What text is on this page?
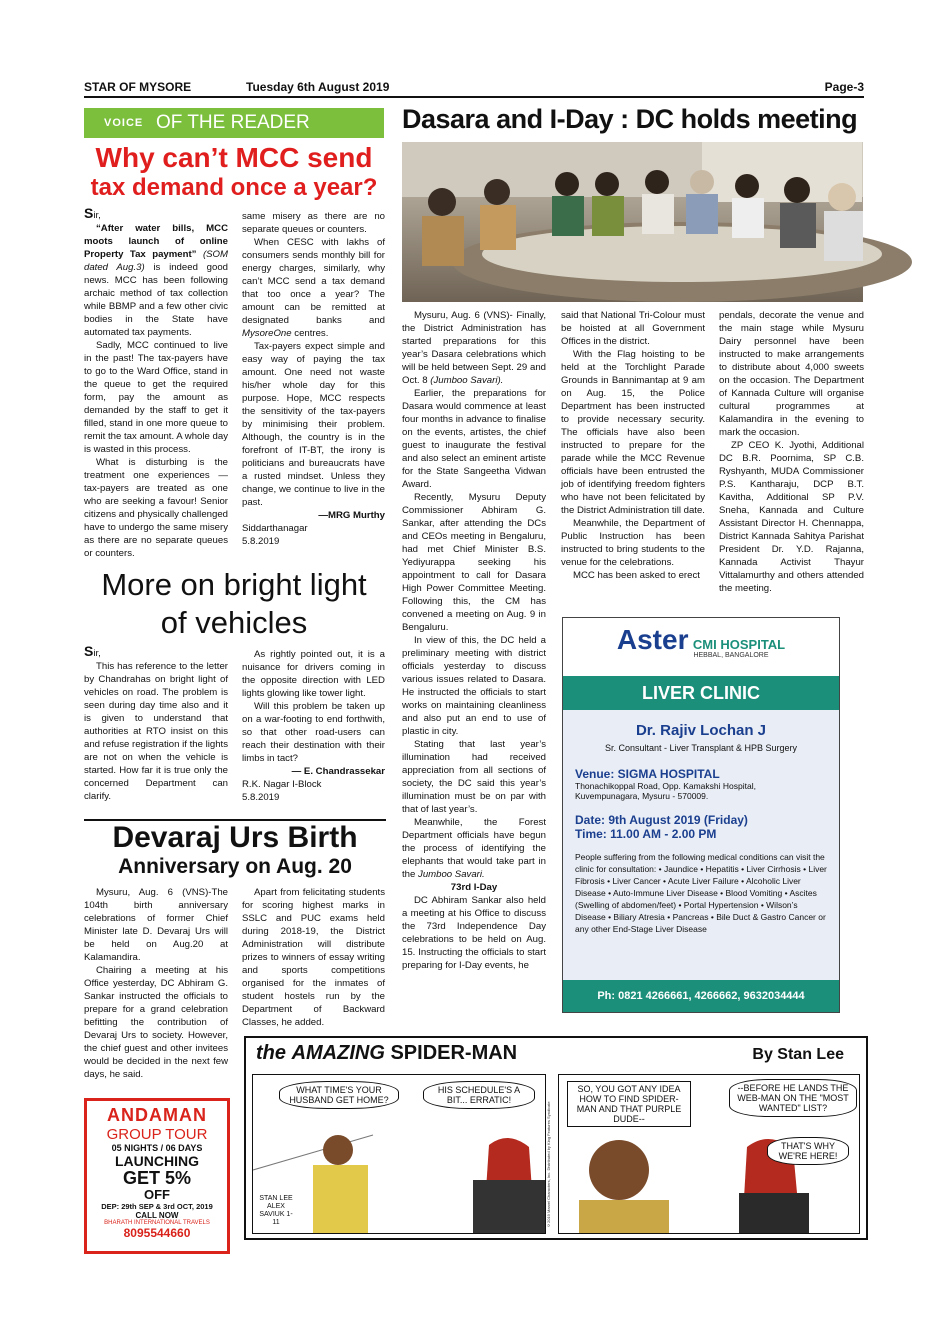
STAR OF MYSORE	Tuesday 6th August 2019	Page-3
VOICE OF THE READER
Why can’t MCC send
tax demand once a year?

Sir,

“After water bills, MCC moots launch of online Property Tax payment” (SOM dated Aug.3) is indeed good news. MCC has been following archaic method of tax collection while BBMP and a few other civic bodies in the State have automated tax payments.

Sadly, MCC continued to live in the past! The tax-payers have to go to the Ward Office, stand in the queue to get the required form, pay the amount as demanded by the staff to get it filled, stand in one more queue to remit the tax amount. A whole day is wasted in this process.

What is disturbing is the treatment one experiences — tax-payers are treated as one who are seeking a favour! Senior citizens and physically challenged have to undergo the same misery as there are no separate queues or counters.

same misery as there are no separate queues or counters.

When CESC with lakhs of consumers sends monthly bill for energy charges, similarly, why can’t MCC send a tax demand that too once a year? The amount can be remitted at designated banks and MysoreOne centres.

Tax-payers expect simple and easy way of paying the tax amount. One need not waste his/her whole day for this purpose. Hope, MCC respects the sensitivity of the tax-payers by minimising their problem. Although, the country is in the forefront of IT-BT, the irony is politicians and bureaucrats have a rusted mindset. Unless they change, we continue to live in the past.

—MRG Murthy

Siddarthanagar

5.8.2019

More on bright light
of vehicles

Sir,

This has reference to the letter by Chandrahas on bright light of vehicles on road. The problem is seen during day time also and it is given to understand that authorities at RTO insist on this and refuse registration if the lights are not on when the vehicle is started. How far it is true only the concerned Department can clarify.

As rightly pointed out, it is a nuisance for drivers coming in the opposite direction with LED lights glowing like tower light.

Will this problem be taken up on a war-footing to end forthwith, so that other road-users can reach their destination with their limbs in tact?

— E. Chandrassekar

R.K. Nagar I-Block

5.8.2019

Devaraj Urs Birth
Anniversary on Aug. 20

Mysuru, Aug. 6 (VNS)-The 104th birth anniversary celebrations of former Chief Minister late D. Devaraj Urs will be held on Aug.20 at Kalamandira.

Chairing a meeting at his Office yesterday, DC Abhiram G. Sankar instructed the officials to prepare for a grand celebration befitting the contribution of Devaraj Urs to society. However, the chief guest and other invitees would be decided in the next few days, he said.

Apart from felicitating students for scoring highest marks in SSLC and PUC exams held during 2018-19, the District Administration will distribute prizes to winners of essay writing and sports competitions organised for the inmates of student hostels run by the Department of Backward Classes, he added.

ANDAMAN
GROUP TOUR
05 NIGHTS / 06 DAYS
LAUNCHING
GET 5%
OFF
DEP: 29th SEP & 3rd OCT, 2019
CALL NOW
BHARATH INTERNATIONAL TRAVELS
8095544660
Dasara and I-Day : DC holds meeting

Mysuru, Aug. 6 (VNS)- Finally, the District Administration has started preparations for this year’s Dasara celebrations which will be held between Sept. 29 and Oct. 8 (Jumboo Savari).

Earlier, the preparations for Dasara would commence at least four months in advance to finalise on the events, artistes, the chief guest to inaugurate the festival and also select an eminent artiste for the State Sangeetha Vidwan Award.

Recently, Mysuru Deputy Commissioner Abhiram G. Sankar, after attending the DCs and CEOs meeting in Bengaluru, had met Chief Minister B.S. Yediyurappa seeking his appointment to call for Dasara High Power Committee Meeting. Following this, the CM has convened a meeting on Aug. 9 in Bengaluru.

In view of this, the DC held a preliminary meeting with district officials yesterday to discuss various issues related to Dasara. He instructed the officials to start works on maintaining cleanliness and also put an end to use of plastic in city.

Stating that last year’s illumination had received appreciation from all sections of society, the DC said this year’s illumination must be on par with that of last year’s.

Meanwhile, the Forest Department officials have begun the process of identifying the elephants that would take part in the Jumboo Savari.

73rd I-Day

DC Abhiram Sankar also held a meeting at his Office to discuss the 73rd Independence Day celebrations to be held on Aug. 15. Instructing the officials to start preparing for I-Day events, he

said that National Tri-Colour must be hoisted at all Government Offices in the district.

With the Flag hoisting to be held at the Torchlight Parade Grounds in Bannimantap at 9 am on Aug. 15, the Police Department has been instructed to provide necessary security. The officials have also been instructed to prepare for the parade while the MCC Revenue officials have been entrusted the job of identifying freedom fighters who have not been felicitated by the District Administration till date.

Meanwhile, the Department of Public Instruction has been instructed to bring students to the venue for the celebrations.

MCC has been asked to erect

pendals, decorate the venue and the main stage while Mysuru Dairy personnel have been instructed to make arrangements to distribute about 4,000 sweets on the occasion. The Department of Kannada Culture will organise cultural programmes at Kalamandira in the evening to mark the occasion.

ZP CEO K. Jyothi, Additional DC B.R. Poornima, SP C.B. Ryshyanth, MUDA Commissioner P.S. Kantharaju, DCP B.T. Kavitha, Additional SP P.V. Sneha, Kannada and Culture Assistant Director H. Chennappa, District Kannada Sahitya Parishat President Dr. Y.D. Rajanna, Kannada Activist Thayur Vittalamurthy and others attended the meeting.

Aster CMI HOSPITAL
HEBBAL, BANGALORE
LIVER CLINIC
Dr. Rajiv Lochan J
Sr. Consultant - Liver Transplant & HPB Surgery
Venue: SIGMA HOSPITAL
Thonachikoppal Road, Opp. Kamakshi Hospital,
Kuvempunagara, Mysuru - 570009.
Date: 9th August 2019 (Friday)
Time: 11.00 AM - 2.00 PM
People suffering from the following medical conditions can visit the clinic for consultation: • Jaundice • Hepatitis • Liver Cirrhosis • Liver Fibrosis • Liver Cancer • Acute Liver Failure • Alcoholic Liver Disease • Auto-Immune Liver Disease • Blood Vomiting • Ascites (Swelling of abdomen/feet) • Portal Hypertension • Wilson’s Disease • Biliary Atresia • Pancreas • Bile Duct & Gastro Cancer or any other End-Stage Liver Disease
Ph: 0821 4266661, 4266662, 9632034444
the AMAZING SPIDER-MAN	By Stan Lee
WHAT TIME'S YOUR HUSBAND GET HOME?
HIS SCHEDULE'S A BIT... ERRATIC!
STAN LEE ALEX SAVIUK 1-11	©2019 Marvel Characters, Inc. Distributed by King Features Syndicate
SO, YOU GOT ANY IDEA HOW TO FIND SPIDER-MAN AND THAT PURPLE DUDE--
--BEFORE HE LANDS THE WEB-MAN ON THE "MOST WANTED" LIST?
THAT'S WHY WE'RE HERE!
